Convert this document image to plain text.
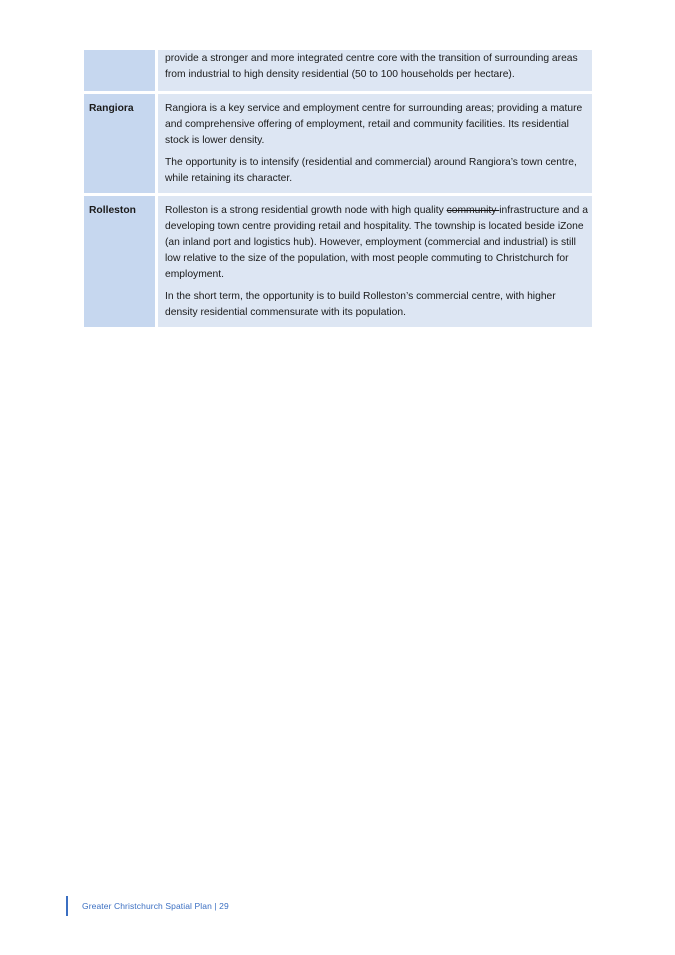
provide a stronger and more integrated centre core with the transition of surrounding areas from industrial to high density residential (50 to 100 households per hectare).

Rangiora	Rangiora is a key service and employment centre for surrounding areas; providing a mature and comprehensive offering of employment, retail and community facilities. Its residential stock is lower density.

The opportunity is to intensify (residential and commercial) around Rangiora’s town centre, while retaining its character.

Rolleston	Rolleston is a strong residential growth node with high quality community infrastructure and a developing town centre providing retail and hospitality. The township is located beside iZone (an inland port and logistics hub). However, employment (commercial and industrial) is still low relative to the size of the population, with most people commuting to Christchurch for employment.

In the short term, the opportunity is to build Rolleston’s commercial centre, with higher density residential commensurate with its population.

Greater Christchurch Spatial Plan | 29
